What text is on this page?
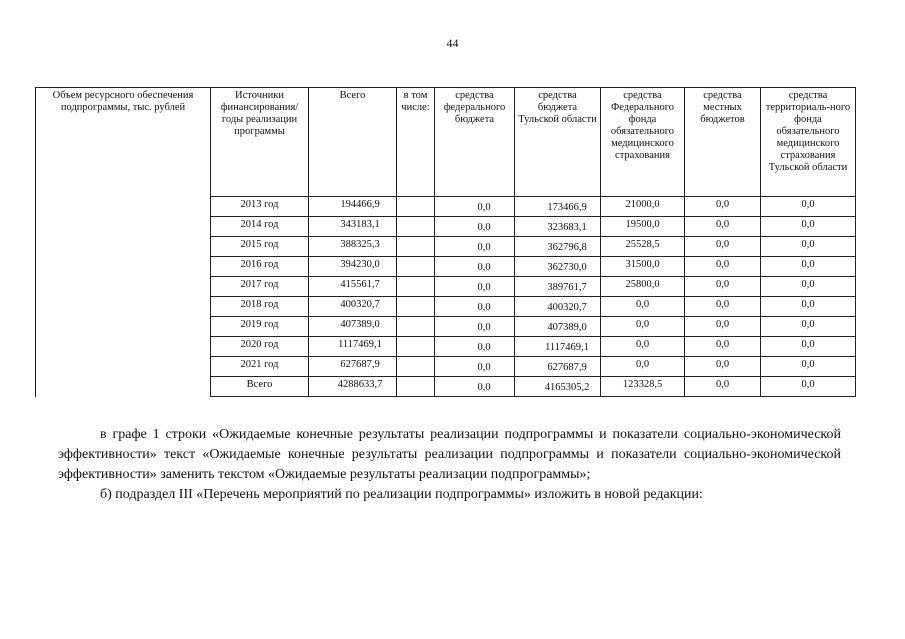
44
Объем ресурсного обеспечения подпрограммы, тыс. рублей	Источники финансирования/ годы реализации программы	Всего	в том числе:	средства федерального бюджета	средства бюджета Тульской области	средства Федерального фонда обязательного медицинского страхования	средства местных бюджетов	средства территориаль-ного фонда обязательного медицинского страхования Тульской области
	2013 год	194466,9		0,0	173466,9	21000,0	0,0	0,0
	2014 год	343183,1		0,0	323683,1	19500,0	0,0	0,0
	2015 год	388325,3		0,0	362796,8	25528,5	0,0	0,0
	2016 год	394230,0		0,0	362730,0	31500,0	0,0	0,0
	2017 год	415561,7		0,0	389761,7	25800,0	0,0	0,0
	2018 год	400320,7		0,0	400320,7	0,0	0,0	0,0
	2019 год	407389,0		0,0	407389,0	0,0	0,0	0,0
	2020 год	1117469,1		0,0	1117469,1	0,0	0,0	0,0
	2021 год	627687,9		0,0	627687,9	0,0	0,0	0,0
	Всего	4288633,7		0,0	4165305,2	123328,5	0,0	0,0

в графе 1 строки «Ожидаемые конечные результаты реализации подпрограммы и показатели социально-экономической эффективности» текст «Ожидаемые конечные результаты реализации подпрограммы и показатели социально-экономической эффективности» заменить текстом «Ожидаемые результаты реализации подпрограммы»;

б) подраздел III «Перечень мероприятий по реализации подпрограммы» изложить в новой редакции:
